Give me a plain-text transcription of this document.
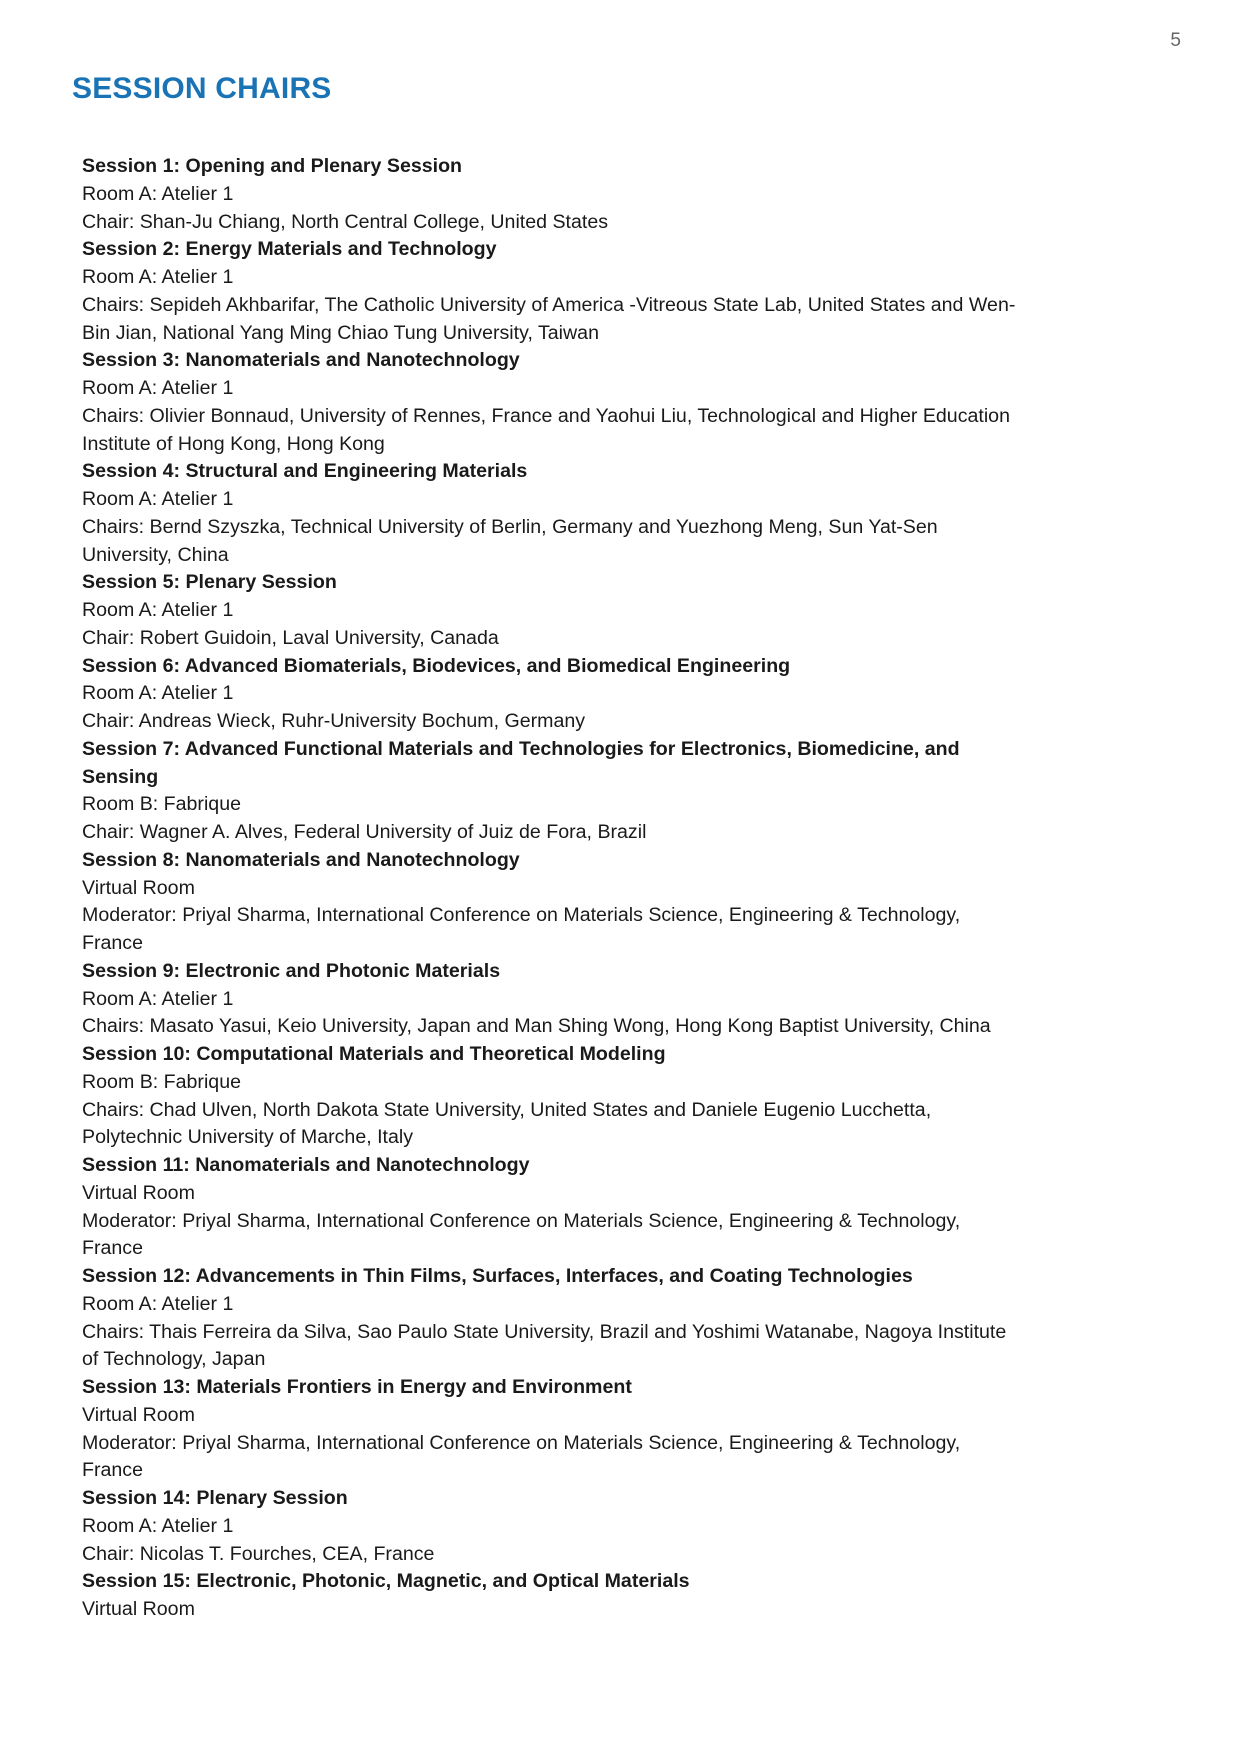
5
SESSION CHAIRS

Session 1: Opening and Plenary Session

Room A: Atelier 1

Chair: Shan-Ju Chiang, North Central College, United States

Session 2: Energy Materials and Technology

Room A: Atelier 1

Chairs: Sepideh Akhbarifar, The Catholic University of America -Vitreous State Lab, United States and Wen-Bin Jian, National Yang Ming Chiao Tung University, Taiwan

Session 3: Nanomaterials and Nanotechnology

Room A: Atelier 1

Chairs: Olivier Bonnaud, University of Rennes, France and Yaohui Liu, Technological and Higher Education Institute of Hong Kong, Hong Kong

Session 4: Structural and Engineering Materials

Room A: Atelier 1

Chairs: Bernd Szyszka, Technical University of Berlin, Germany and Yuezhong Meng, Sun Yat-Sen University, China

Session 5: Plenary Session

Room A: Atelier 1

Chair: Robert Guidoin, Laval University, Canada

Session 6: Advanced Biomaterials, Biodevices, and Biomedical Engineering

Room A: Atelier 1

Chair: Andreas Wieck, Ruhr-University Bochum, Germany

Session 7: Advanced Functional Materials and Technologies for Electronics, Biomedicine, and Sensing

Room B: Fabrique

Chair: Wagner A. Alves, Federal University of Juiz de Fora, Brazil

Session 8: Nanomaterials and Nanotechnology

Virtual Room

Moderator: Priyal Sharma, International Conference on Materials Science, Engineering & Technology, France

Session 9: Electronic and Photonic Materials

Room A: Atelier 1

Chairs: Masato Yasui, Keio University, Japan and Man Shing Wong, Hong Kong Baptist University, China

Session 10: Computational Materials and Theoretical Modeling

Room B: Fabrique

Chairs: Chad Ulven, North Dakota State University, United States and Daniele Eugenio Lucchetta, Polytechnic University of Marche, Italy

Session 11: Nanomaterials and Nanotechnology

Virtual Room

Moderator: Priyal Sharma, International Conference on Materials Science, Engineering & Technology, France

Session 12: Advancements in Thin Films, Surfaces, Interfaces, and Coating Technologies

Room A: Atelier 1

Chairs: Thais Ferreira da Silva, Sao Paulo State University, Brazil and Yoshimi Watanabe, Nagoya Institute of Technology, Japan

Session 13: Materials Frontiers in Energy and Environment

Virtual Room

Moderator: Priyal Sharma, International Conference on Materials Science, Engineering & Technology, France

Session 14: Plenary Session

Room A: Atelier 1

Chair: Nicolas T. Fourches, CEA, France

Session 15: Electronic, Photonic, Magnetic, and Optical Materials

Virtual Room
